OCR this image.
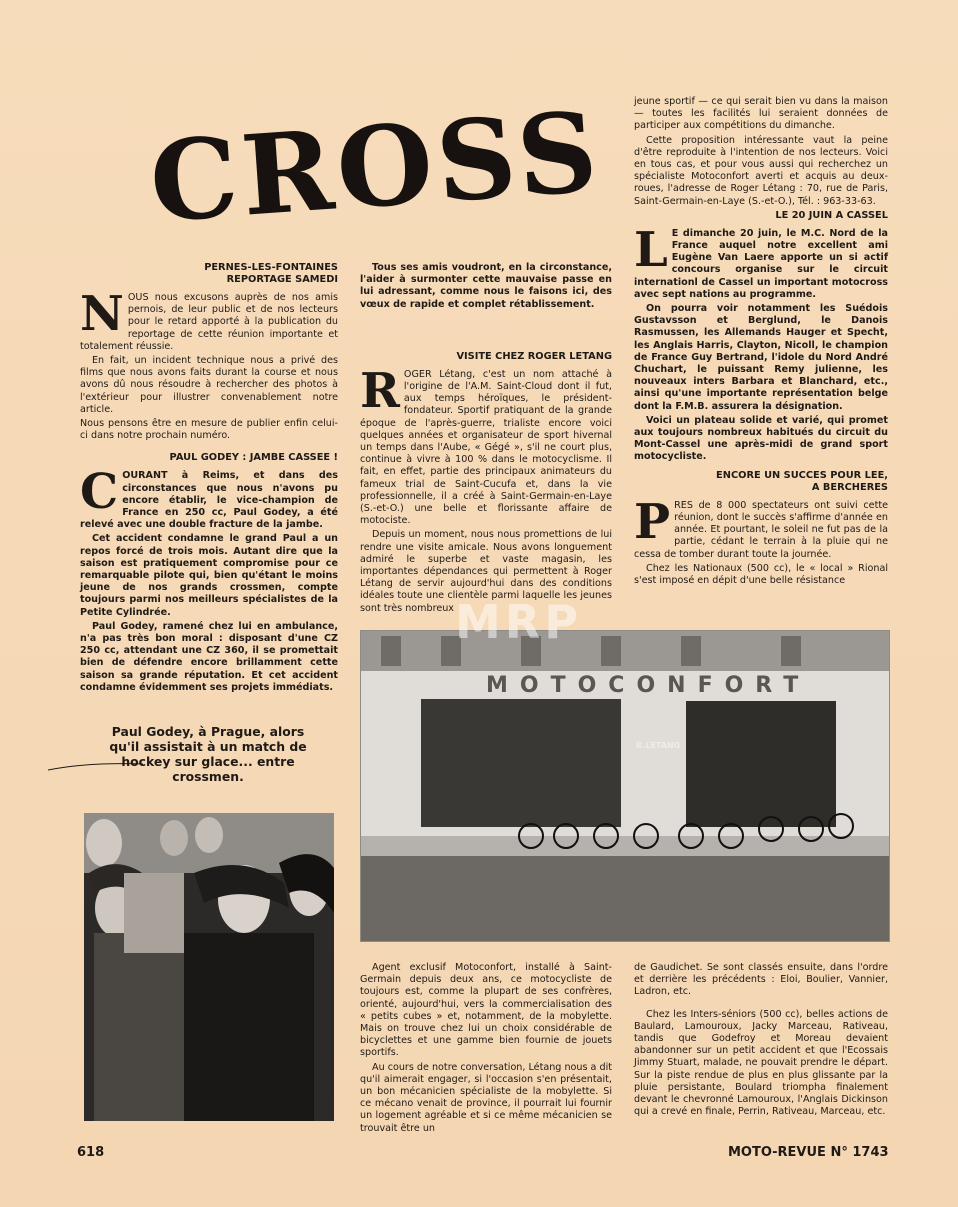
CROSS
PERNES-LES-FONTAINES
REPORTAGE SAMEDI

NOUS nous excusons auprès de nos amis pernois, de leur public et de nos lecteurs pour le retard apporté à la publication du reportage de cette réunion importante et totalement réussie.

En fait, un incident technique nous a privé des films que nous avons faits durant la course et nous avons dû nous résoudre à rechercher des photos à l'extérieur pour illustrer convenablement notre article.

Nous pensons être en mesure de publier enfin celui-ci dans notre prochain numéro.

PAUL GODEY : JAMBE CASSEE !

COURANT à Reims, et dans des circonstances que nous n'avons pu encore établir, le vice-champion de France en 250 cc, Paul Godey, a été relevé avec une double fracture de la jambe.

Cet accident condamne le grand Paul a un repos forcé de trois mois. Autant dire que la saison est pratiquement compromise pour ce remarquable pilote qui, bien qu'étant le moins jeune de nos grands crossmen, compte toujours parmi nos meilleurs spécialistes de la Petite Cylindrée.

Paul Godey, ramené chez lui en ambulance, n'a pas très bon moral : disposant d'une CZ 250 cc, attendant une CZ 360, il se promettait bien de défendre encore brillamment cette saison sa grande réputation. Et cet accident condamne évidemment ses projets immédiats.

Paul Godey, à Prague, alors qu'il assistait à un match de hockey sur glace... entre crossmen.

Tous ses amis voudront, en la circonstance, l'aider à surmonter cette mauvaise passe en lui adressant, comme nous le faisons ici, des vœux de rapide et complet rétablissement.

VISITE CHEZ ROGER LETANG

ROGER Létang, c'est un nom attaché à l'origine de l'A.M. Saint-Cloud dont il fut, aux temps héroïques, le président-fondateur. Sportif pratiquant de la grande époque de l'après-guerre, trialiste encore voici quelques années et organisateur de sport hivernal un temps dans l'Aube, « Gégé », s'il ne court plus, continue à vivre à 100 % dans le motocyclisme. Il fait, en effet, partie des principaux animateurs du fameux trial de Saint-Cucufa et, dans la vie professionnelle, il a créé à Saint-Germain-en-Laye (S.-et-O.) une belle et florissante affaire de motociste.

Depuis un moment, nous nous promettions de lui rendre une visite amicale. Nous avons longuement admiré le superbe et vaste magasin, les importantes dépendances qui permettent à Roger Létang de servir aujourd'hui dans des conditions idéales toute une clientèle parmi laquelle les jeunes sont très nombreux

jeune sportif — ce qui serait bien vu dans la maison — toutes les facilités lui seraient données de participer aux compétitions du dimanche.

Cette proposition intéressante vaut la peine d'être reproduite à l'intention de nos lecteurs. Voici en tous cas, et pour vous aussi qui recherchez un spécialiste Motoconfort averti et acquis au deux-roues, l'adresse de Roger Létang : 70, rue de Paris, Saint-Germain-en-Laye (S.-et-O.), Tél. : 963-33-63.

LE 20 JUIN A CASSEL

L E dimanche 20 juin, le M.C. Nord de la France auquel notre excellent ami Eugène Van Laere apporte un si actif concours organise sur le circuit internationl de Cassel un important motocross avec sept nations au programme.

On pourra voir notamment les Suédois Gustavsson et Berglund, le Danois Rasmussen, les Allemands Hauger et Specht, les Anglais Harris, Clayton, Nicoll, le champion de France Guy Bertrand, l'idole du Nord André Chuchart, le puissant Remy julienne, les nouveaux inters Barbara et Blanchard, etc., ainsi qu'une importante représentation belge dont la F.M.B. assurera la désignation.

Voici un plateau solide et varié, qui promet aux toujours nombreux habitués du circuit du Mont-Cassel une après-midi de grand sport motocycliste.

ENCORE UN SUCCES POUR LEE,
A BERCHERES

PRES de 8 000 spectateurs ont suivi cette réunion, dont le succès s'affirme d'année en année. Et pourtant, le soleil ne fut pas de la partie, cédant le terrain à la pluie qui ne cessa de tomber durant toute la journée.

Chez les Nationaux (500 cc), le « local » Rional s'est imposé en dépit d'une belle résistance

MOTOCONFORT
R.LETANG
MRP

Agent exclusif Motoconfort, installé à Saint-Germain depuis deux ans, ce motocycliste de toujours est, comme la plupart de ses confrères, orienté, aujourd'hui, vers la commercialisation des « petits cubes » et, notamment, de la mobylette. Mais on trouve chez lui un choix considérable de bicyclettes et une gamme bien fournie de jouets sportifs.

Au cours de notre conversation, Létang nous a dit qu'il aimerait engager, si l'occasion s'en présentait, un bon mécanicien spécialiste de la mobylette. Si ce mécano venait de province, il pourrait lui fournir un logement agréable et si ce même mécanicien se trouvait être un

de Gaudichet. Se sont classés ensuite, dans l'ordre et derrière les précédents : Eloi, Boulier, Vannier, Ladron, etc.

Chez les Inters-séniors (500 cc), belles actions de Baulard, Lamouroux, Jacky Marceau, Rativeau, tandis que Godefroy et Moreau devaient abandonner sur un petit accident et que l'Ecossais Jimmy Stuart, malade, ne pouvait prendre le départ. Sur la piste rendue de plus en plus glissante par la pluie persistante, Boulard triompha finalement devant le chevronné Lamouroux, l'Anglais Dickinson qui a crevé en finale, Perrin, Rativeau, Marceau, etc.

618	MOTO-REVUE N° 1743
